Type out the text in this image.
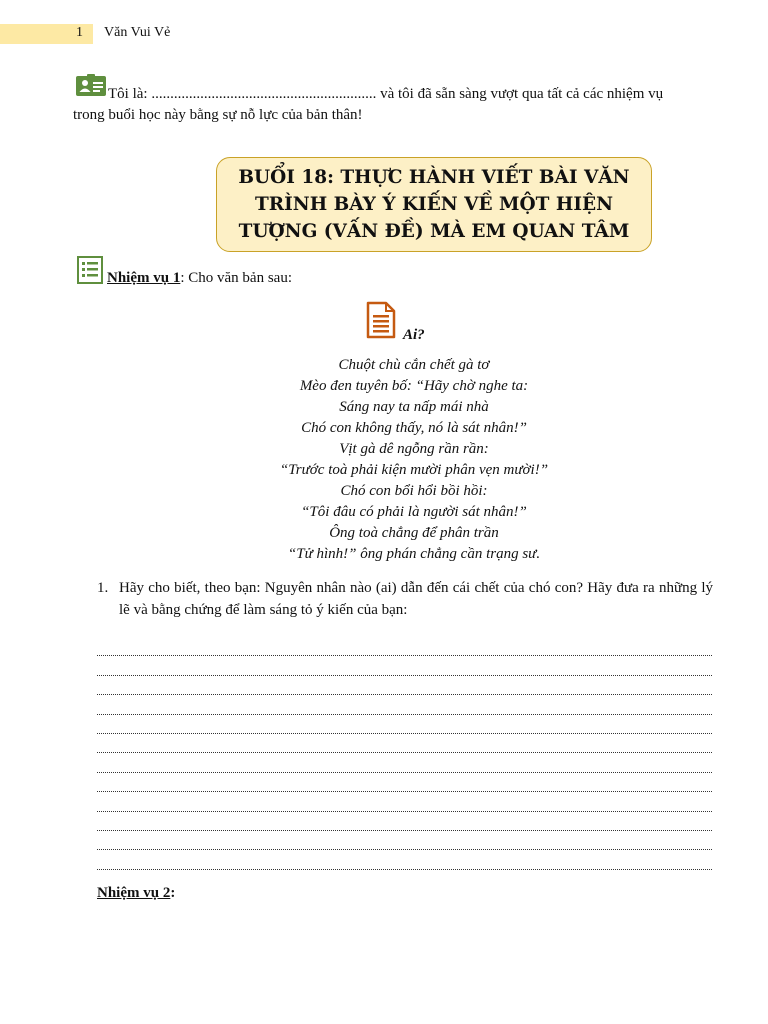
1 Văn Vui Vẻ
Tôi là: ............................................................ và tôi đã sẵn sàng vượt qua tất cả các nhiệm vụ
trong buổi học này bằng sự nỗ lực của bản thân!
BUỔI 18: THỰC HÀNH VIẾT BÀI VĂN TRÌNH BÀY Ý KIẾN VỀ MỘT HIỆN TƯỢNG (VẤN ĐỀ) MÀ EM QUAN TÂM
Nhiệm vụ 1: Cho văn bản sau:
Ai?
Chuột chù cắn chết gà tơ
Mèo đen tuyên bố: “Hãy chờ nghe ta:
Sáng nay ta nấp mái nhà
Chó con không thấy, nó là sát nhân!”
Vịt gà dê ngỗng rần rần:
“Trước toà phải kiện mười phân vẹn mười!”
Chó con bổi hổi bồi hồi:
“Tôi đâu có phải là người sát nhân!”
Ông toà chẳng để phân trần
“Tử hình!” ông phán chẳng cần trạng sư.
1. Hãy cho biết, theo bạn: Nguyên nhân nào (ai) dẫn đến cái chết của chó con? Hãy đưa ra những lý lẽ và bằng chứng để làm sáng tỏ ý kiến của bạn:
Nhiệm vụ 2:
